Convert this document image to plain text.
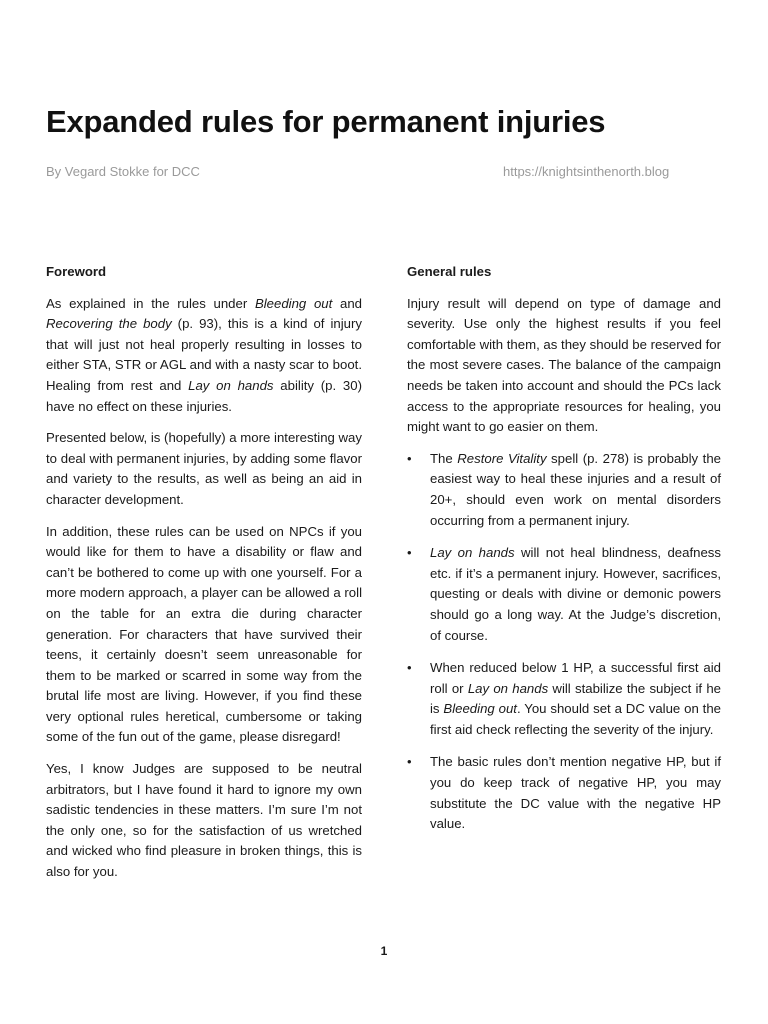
Expanded rules for permanent injuries
By Vegard Stokke for DCC	https://knightsinthenorth.blog

Foreword

As explained in the rules under Bleeding out and Recovering the body (p. 93), this is a kind of injury that will just not heal properly resulting in losses to either STA, STR or AGL and with a nasty scar to boot. Healing from rest and Lay on hands ability (p. 30) have no effect on these injuries.

Presented below, is (hopefully) a more interesting way to deal with permanent injuries, by adding some flavor and variety to the results, as well as being an aid in character development.

In addition, these rules can be used on NPCs if you would like for them to have a disability or flaw and can’t be bothered to come up with one yourself. For a more modern approach, a player can be allowed a roll on the table for an extra die during character generation. For characters that have survived their teens, it certainly doesn’t seem unreasonable for them to be marked or scarred in some way from the brutal life most are living. However, if you find these very optional rules heretical, cumbersome or taking some of the fun out of the game, please disregard!

Yes, I know Judges are supposed to be neutral arbitrators, but I have found it hard to ignore my own sadistic tendencies in these matters. I’m sure I’m not the only one, so for the satisfaction of us wretched and wicked who find pleasure in broken things, this is also for you.

General rules

Injury result will depend on type of damage and severity. Use only the highest results if you feel comfortable with them, as they should be reserved for the most severe cases. The balance of the campaign needs be taken into account and should the PCs lack access to the appropriate resources for healing, you might want to go easier on them.

• The Restore Vitality spell (p. 278) is probably the easiest way to heal these injuries and a result of 20+, should even work on mental disorders occurring from a permanent injury.
• Lay on hands will not heal blindness, deafness etc. if it’s a permanent injury. However, sacrifices, questing or deals with divine or demonic powers should go a long way. At the Judge’s discretion, of course.
• When reduced below 1 HP, a successful first aid roll or Lay on hands will stabilize the subject if he is Bleeding out. You should set a DC value on the first aid check reflecting the severity of the injury.
• The basic rules don’t mention negative HP, but if you do keep track of negative HP, you may substitute the DC value with the negative HP value.
1
